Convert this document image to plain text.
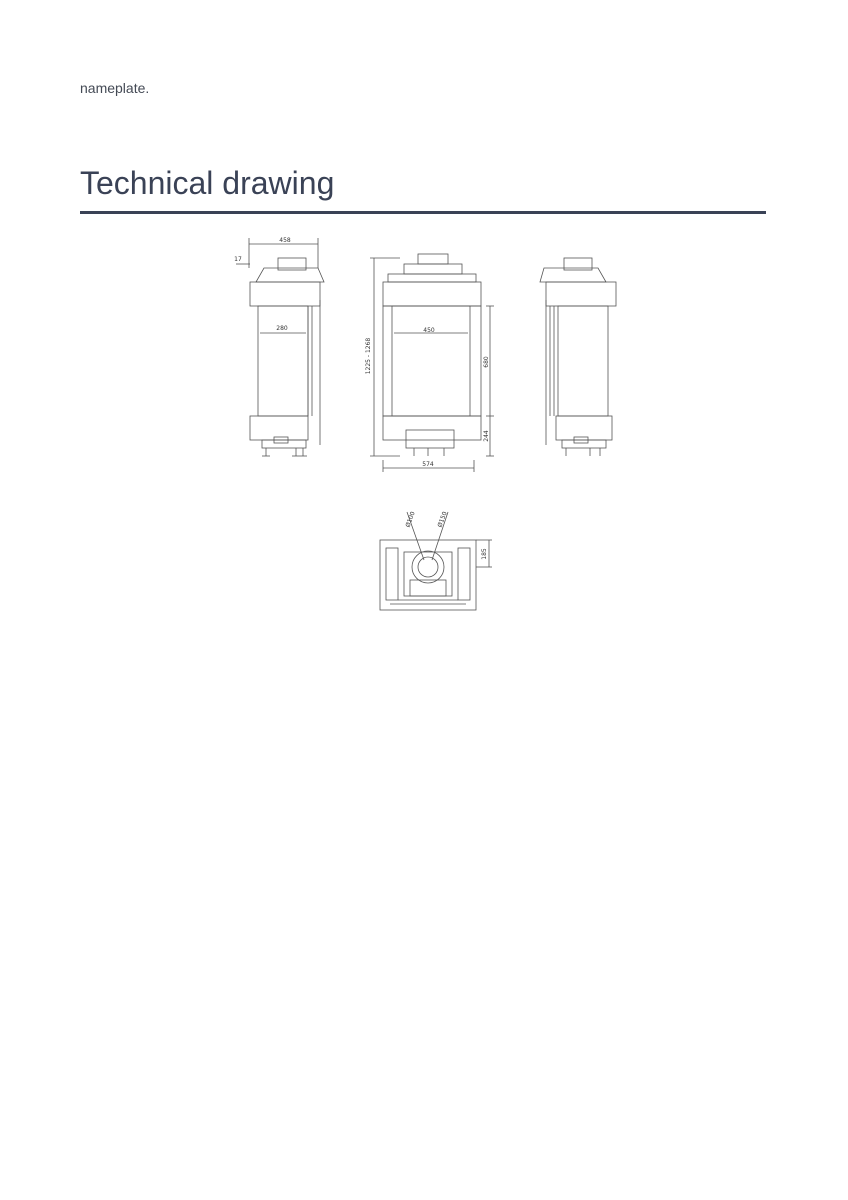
nameplate.
Technical drawing
458
17
280
1225 - 1268
450
680
244
574
Ø100	Ø150
185
